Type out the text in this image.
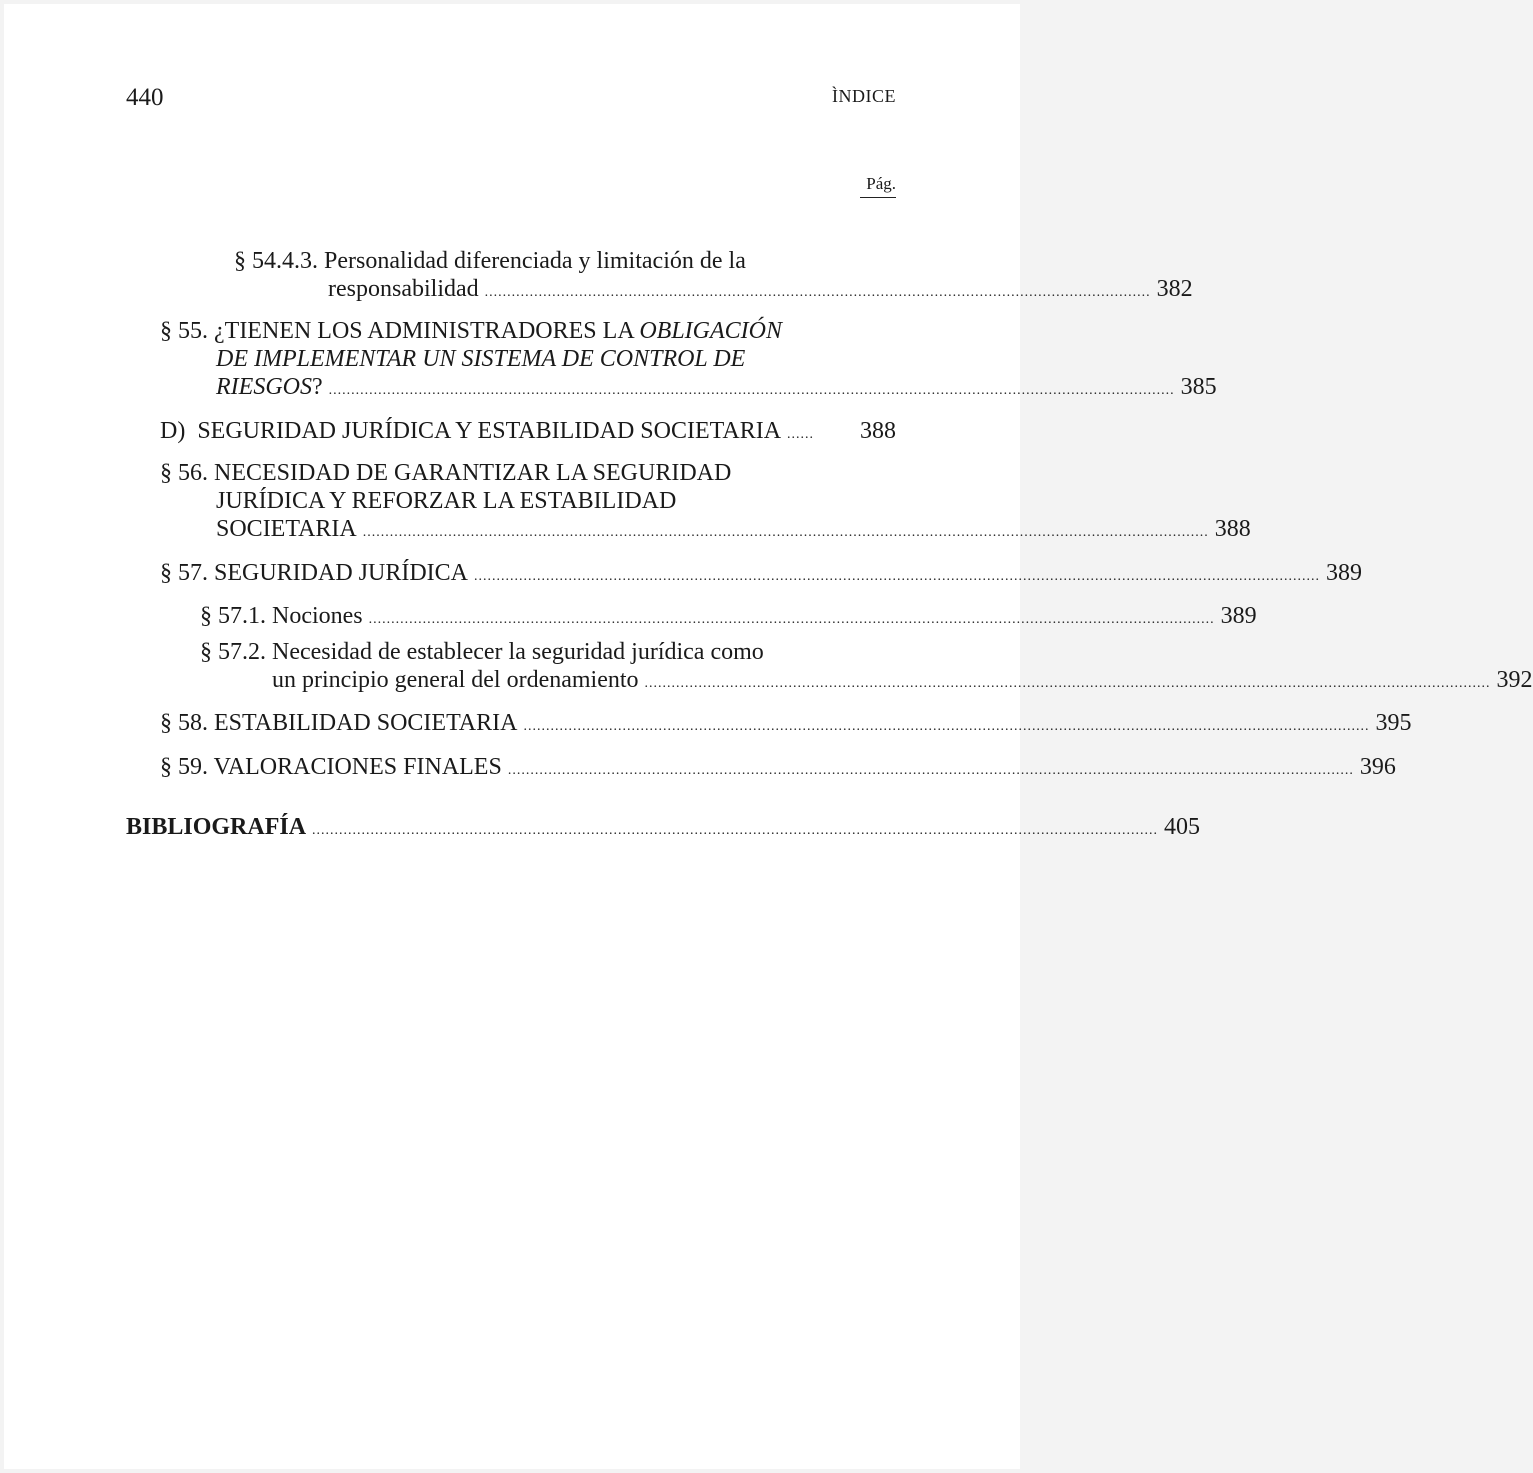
440	ÌNDICE
Pág.
§ 54.4.3. Personalidad diferenciada y limitación de la
responsabilidad .................................................................................................................................................... 382
§ 55. ¿TIENEN LOS ADMINISTRADORES LA OBLIGACIÓN
DE IMPLEMENTAR UN SISTEMA DE CONTROL DE
RIESGOS ? ............................................................................................................................................................................................ 385
D)  SEGURIDAD JURÍDICA Y ESTABILIDAD SOCIETARIA ......	388
§ 56. NECESIDAD DE GARANTIZAR LA SEGURIDAD
JURÍDICA Y REFORZAR LA ESTABILIDAD
SOCIETARIA ............................................................................................................................................................................................ 388
§ 57. SEGURIDAD JURÍDICA ............................................................................................................................................................................................ 389
§ 57.1. Nociones ............................................................................................................................................................................................ 389
§ 57.2. Necesidad de establecer la seguridad jurídica como
un principio general del ordenamiento ............................................................................................................................................................................................ 392
§ 58. ESTABILIDAD SOCIETARIA ............................................................................................................................................................................................ 395
§ 59. VALORACIONES FINALES ............................................................................................................................................................................................ 396
BIBLIOGRAFÍA ............................................................................................................................................................................................ 405
